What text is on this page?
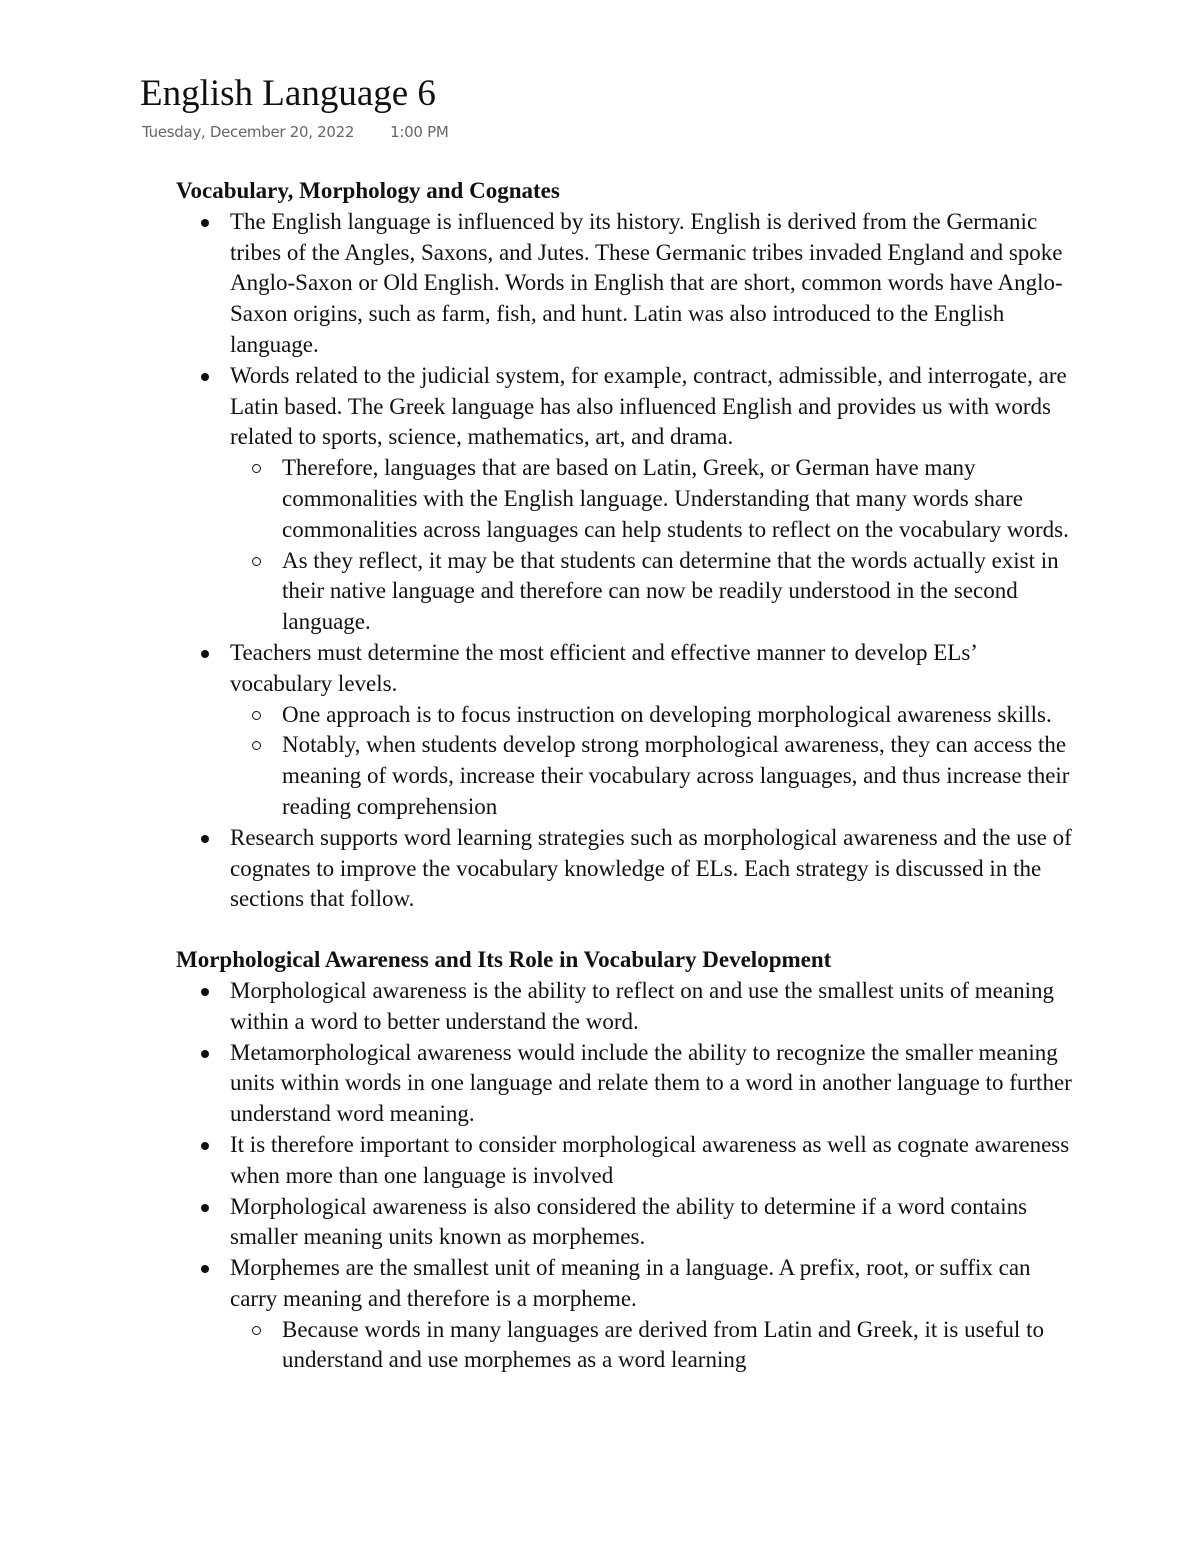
English Language 6
Tuesday, December 20, 2022 1:00 PM

Vocabulary, Morphology and Cognates

The English language is influenced by its history. English is derived from the Germanic tribes of the Angles, Saxons, and Jutes. These Germanic tribes invaded England and spoke Anglo-Saxon or Old English. Words in English that are short, common words have Anglo-Saxon origins, such as farm, fish, and hunt. Latin was also introduced to the English language.
Words related to the judicial system, for example, contract, admissible, and interrogate, are Latin based. The Greek language has also influenced English and provides us with words related to sports, science, mathematics, art, and drama.
Therefore, languages that are based on Latin, Greek, or German have many commonalities with the English language. Understanding that many words share commonalities across languages can help students to reflect on the vocabulary words.
As they reflect, it may be that students can determine that the words actually exist in their native language and therefore can now be readily understood in the second language.
Teachers must determine the most efficient and effective manner to develop ELs’ vocabulary levels.
One approach is to focus instruction on developing morphological awareness skills.
Notably, when students develop strong morphological awareness, they can access the meaning of words, increase their vocabulary across languages, and thus increase their reading comprehension
Research supports word learning strategies such as morphological awareness and the use of cognates to improve the vocabulary knowledge of ELs. Each strategy is discussed in the sections that follow.

Morphological Awareness and Its Role in Vocabulary Development

Morphological awareness is the ability to reflect on and use the smallest units of meaning within a word to better understand the word.
Metamorphological awareness would include the ability to recognize the smaller meaning units within words in one language and relate them to a word in another language to further understand word meaning.
It is therefore important to consider morphological awareness as well as cognate awareness when more than one language is involved
Morphological awareness is also considered the ability to determine if a word contains smaller meaning units known as morphemes.
Morphemes are the smallest unit of meaning in a language. A prefix, root, or suffix can carry meaning and therefore is a morpheme.
Because words in many languages are derived from Latin and Greek, it is useful to understand and use morphemes as a word learning
